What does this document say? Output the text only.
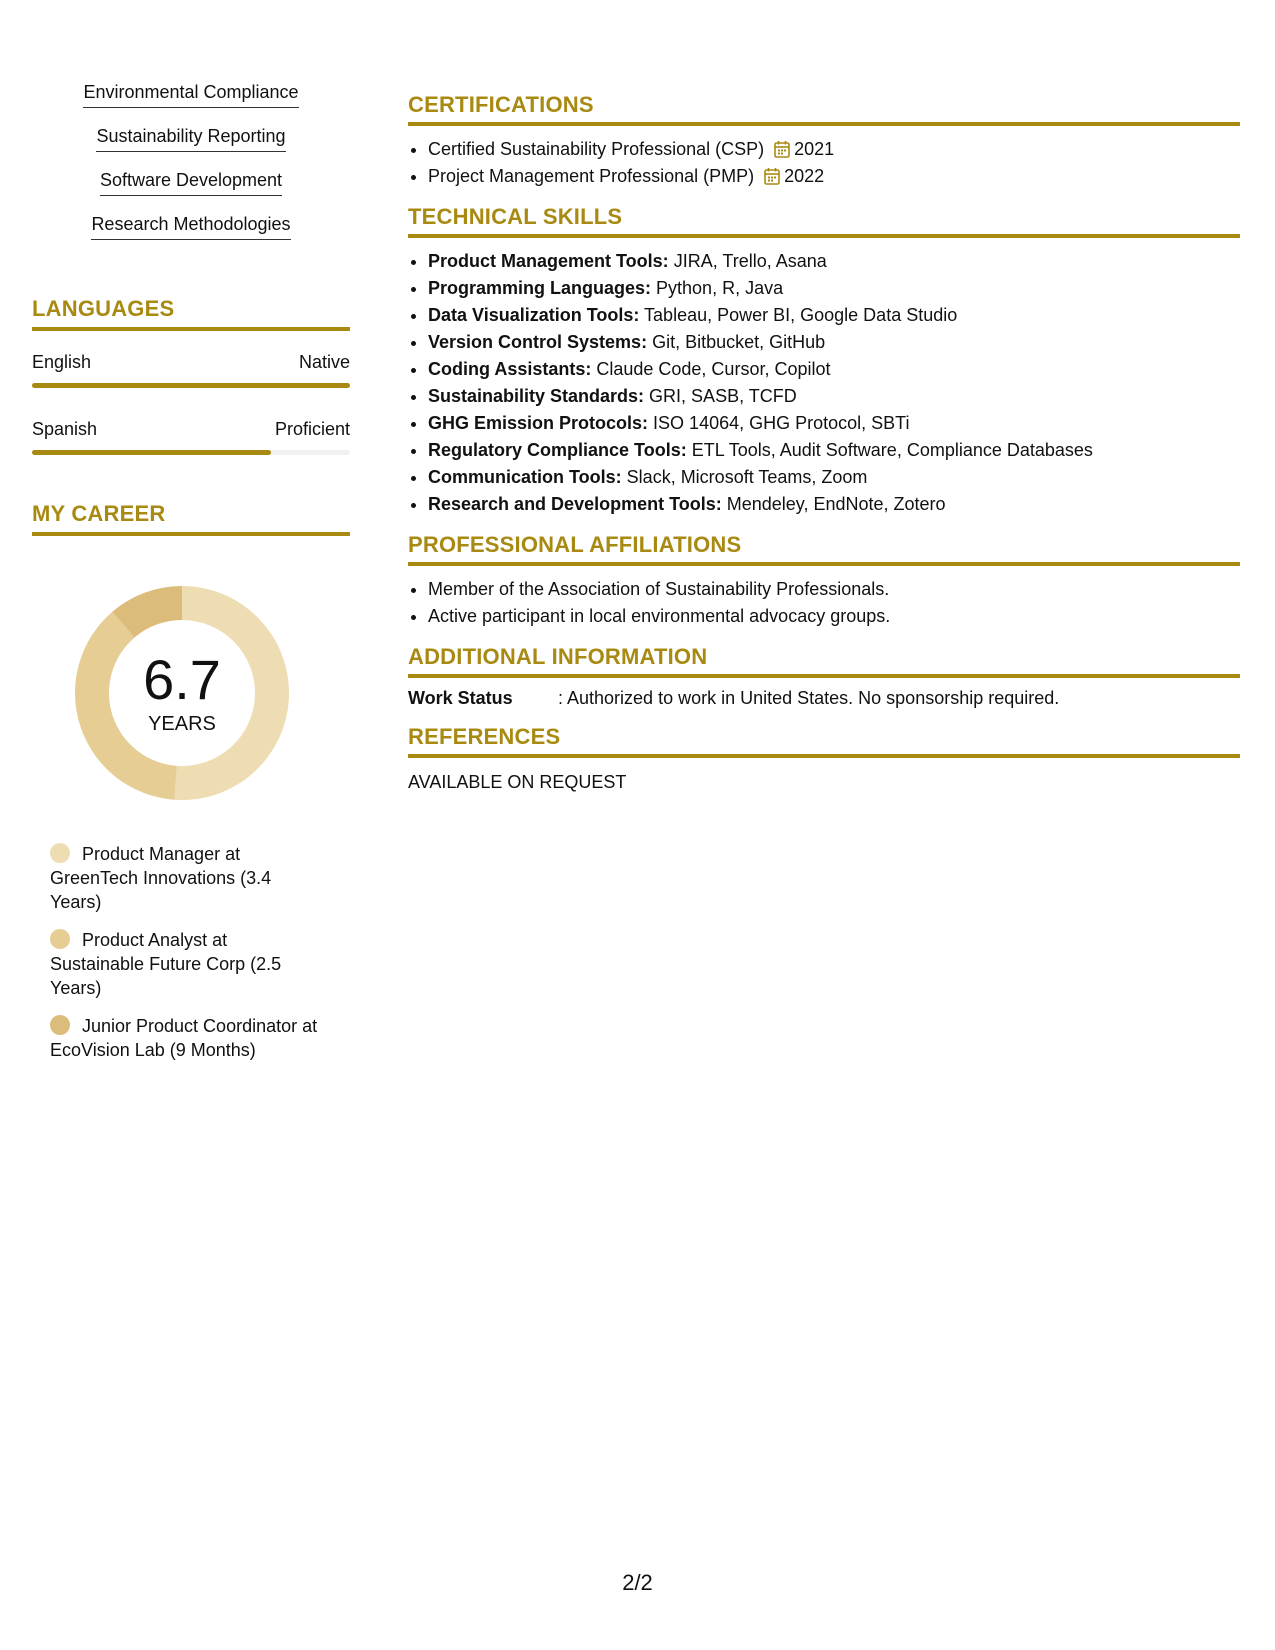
Environmental Compliance
Sustainability Reporting
Software Development
Research Methodologies
LANGUAGES
English	Native
Spanish	Proficient
MY CAREER
6.7
YEARS
Product Manager at GreenTech Innovations (3.4 Years)
Product Analyst at Sustainable Future Corp (2.5 Years)
Junior Product Coordinator at EcoVision Lab (9 Months)
CERTIFICATIONS
• Certified Sustainability Professional (CSP) 2021
• Project Management Professional (PMP) 2022
TECHNICAL SKILLS
• Product Management Tools: JIRA, Trello, Asana
• Programming Languages: Python, R, Java
• Data Visualization Tools: Tableau, Power BI, Google Data Studio
• Version Control Systems: Git, Bitbucket, GitHub
• Coding Assistants: Claude Code, Cursor, Copilot
• Sustainability Standards: GRI, SASB, TCFD
• GHG Emission Protocols: ISO 14064, GHG Protocol, SBTi
• Regulatory Compliance Tools: ETL Tools, Audit Software, Compliance Databases
• Communication Tools: Slack, Microsoft Teams, Zoom
• Research and Development Tools: Mendeley, EndNote, Zotero
PROFESSIONAL AFFILIATIONS
• Member of the Association of Sustainability Professionals.
• Active participant in local environmental advocacy groups.
ADDITIONAL INFORMATION
Work Status	: Authorized to work in United States. No sponsorship required.
REFERENCES
AVAILABLE ON REQUEST
2/2
